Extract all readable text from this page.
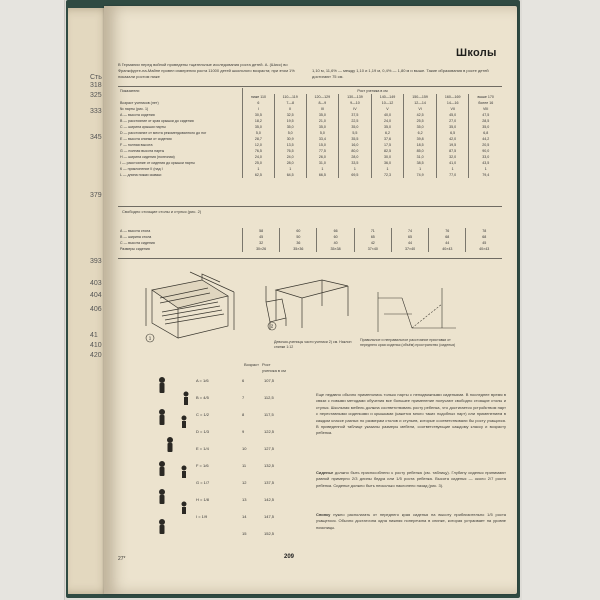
Сть
318
325
333
345
379
393
403
404
406
41
410
420
Школы
В Германии перед войной проведены тщательные исследования роста детей. А. (Шисс) во Франкфурте-на-Майне провел измерения роста 11000 детей школьного возраста; при этом 1% показали ростом ниже
1,10 м, 11,6% — между 1,10 и 1,19 м, 0,4% — 1,80 м и выше. Такие образования в росте детей достигают 75 см.
Показатели	Рост ученика в см							
	ниже 110	110—119	120—129	130—139	140—149	150—159	160—169	выше 170
Возраст учеников (лет)	6	7—8	8—9	9—10	10—12	12—14	14—16	более 16
№ парты (рис. 1)	I	II	III	IV	V	VI	VII	VIII
А — высота сидения	30,5	32,5	35,0	37,5	40,0	42,5	45,0	47,5
В — расстояние от края крышки до сидения	18,2	19,5	21,0	22,5	24,0	25,5	27,0	28,5
С — ширина крышки парты	35,0	35,0	35,0	35,0	35,0	35,0	35,0	35,0
D — расстояние от места рекомендованного до ног	5,0	5,0	5,0	5,5	6,2	6,2	6,5	6,8
Е — высота спинки от сидения	28,7	30,9	33,4	35,5	37,6	39,8	42,0	44,2
F — полная высота	12,0	13,5	15,0	16,0	17,5	18,5	19,5	20,5
G — полная высота парты	76,5	76,5	77,5	80,0	82,5	85,0	87,5	90,0
Н — ширина сидения (полезная)	24,0	24,0	26,0	28,0	30,0	31,0	32,0	33,0
I — расстояние от сидения до крышки парты	25,0	28,0	31,0	33,5	36,0	38,5	41,0	43,5
К — приклонение II (над I	1	1	1	1	1	1	1	1
L — длина ножки скамьи	62,5	64,5	66,5	69,5	72,3	74,9	77,0	79,4
Свободно стоящие столы и стулья (рис. 2)
А — высота стола	58	60	66	71	74	76	78
В — ширина стола	45	50	60	65	65	68	68
С — высота сидения	32	36	40	42	44	44	45
Размеры сидения	30×26	35×36	35×38	37×40	37×40	40×43	40×43
1
2
Девочки-ученицы части ученики 2) см. Наклон спинки 1:12
Правильное и неправильное расстояние приставки от переднего края сиденья (объём) пространство (сиденья)
Возраст Рост ученика в см
A = 1/6	6	107,5
B = 4/5	7	112,5
C = 1/2	8	117,5
D = 1/3	9	122,5
E = 1/4	10	127,5
F = 1/6	11	132,5
G = 1/7	12	137,5
H = 1/8	13	142,5
I = 1/9	14	147,5
15	152,5
Еще недавно обычно применялись только парты с неподвижными сиденьями. В последнее время в связи с новыми методами обучения все большее применение получают свободно стоящие столы и стулья. Школьная мебель должна соответствовать росту ребенка, что достигается устройством парт с переставными сиденьями и крышками (кажется много таких подобных парт) или применением в каждом классе разных по размерам столов и стульев, которые соответствовали бы росту учащихся. В приведенной таблице указаны размеры мебели, соответствующие каждому классу и возрасту ребенка.
Сиденье должно быть приспособлено к росту ребенка (см. таблицу). Глубину сиденья принимают равной примерно 2/3 длины бедра или 1/5 роста ребенка. Высота сиденья — около 2/7 роста ребенка. Сиденье должно быть несколько наклонено назад (рис. 3).
Спинку нужно располагать от переднего края сиденья на высоту приблизительно 1/5 роста учащегося. Обычно достаточна одна нижняя поперечина в спинке, которая устраивает на уровне поясницы.
209
27*
